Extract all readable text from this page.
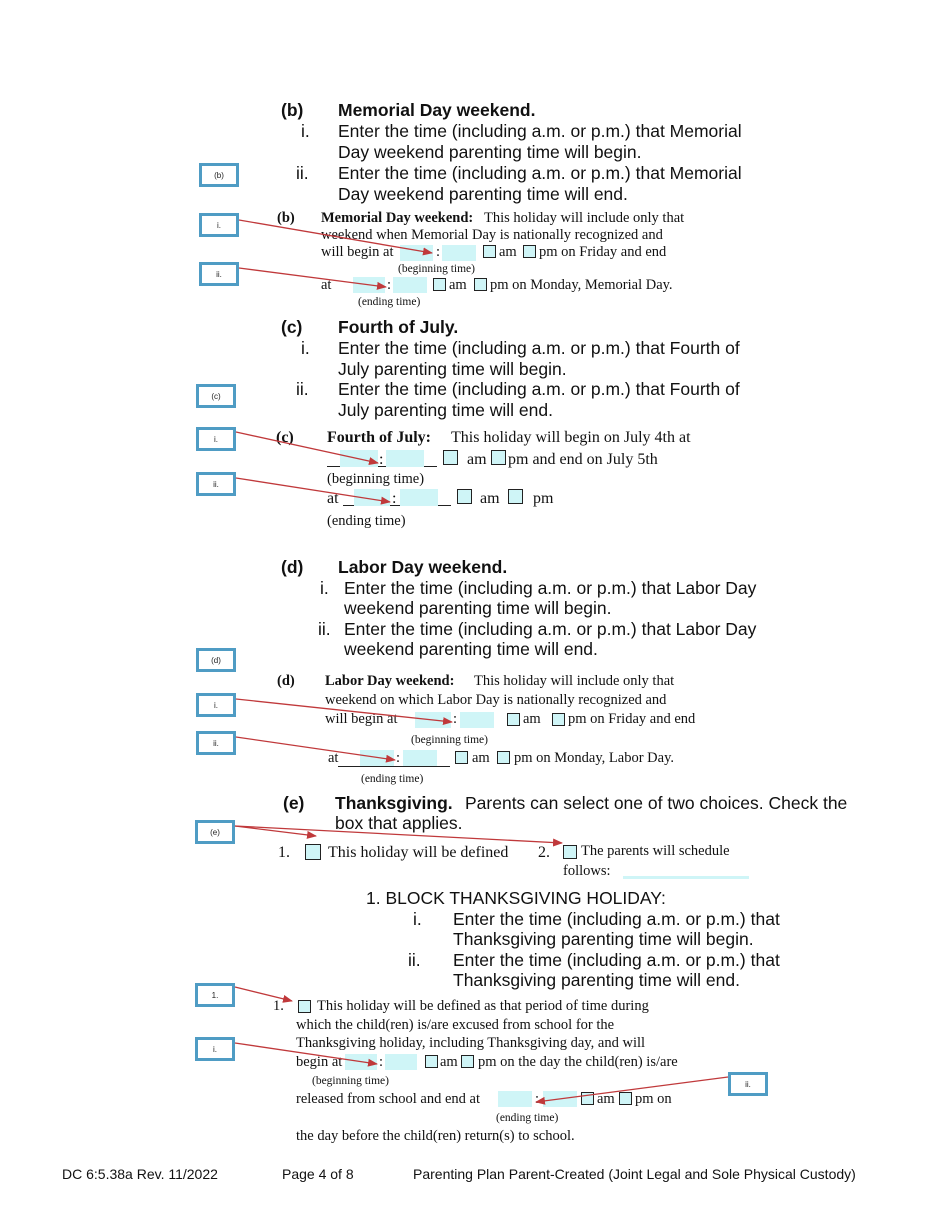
(b) Memorial Day weekend.
i. Enter the time (including a.m. or p.m.) that Memorial
Day weekend parenting time will begin.
ii. Enter the time (including a.m. or p.m.) that Memorial
Day weekend parenting time will end.
(b) Memorial Day weekend: This holiday will include only that
weekend when Memorial Day is nationally recognized and
will begin at	:	am pm on Friday and end
(beginning time)
at	:	am pm on Monday, Memorial Day.
(ending time)
(c) Fourth of July.
i. Enter the time (including a.m. or p.m.) that Fourth of
July parenting time will begin.
ii. Enter the time (including a.m. or p.m.) that Fourth of
July parenting time will end.
(c) Fourth of July: This holiday will begin on July 4th at
:	am pm and end on July 5th
(beginning time)
at	:	am pm
(ending time)
(d) Labor Day weekend.
i. Enter the time (including a.m. or p.m.) that Labor Day
weekend parenting time will begin.
ii. Enter the time (including a.m. or p.m.) that Labor Day
weekend parenting time will end.
(d) Labor Day weekend: This holiday will include only that
weekend on which Labor Day is nationally recognized and
will begin at	:	am pm on Friday and end
(beginning time)
at	:	am pm on Monday, Labor Day.
(ending time)
(e) Thanksgiving. Parents can select one of two choices. Check the
box that applies.
1. This holiday will be defined 2. The parents will schedule
follows:
1. BLOCK THANKSGIVING HOLIDAY:
i. Enter the time (including a.m. or p.m.) that
Thanksgiving parenting time will begin.
ii. Enter the time (including a.m. or p.m.) that
Thanksgiving parenting time will end.
1. This holiday will be defined as that period of time during
which the child(ren) is/are excused from school for the
Thanksgiving holiday, including Thanksgiving day, and will
begin at	:	am pm on the day the child(ren) is/are
(beginning time)
released from school and end at	:	am pm on
(ending time)
the day before the child(ren) return(s) to school.
(b)
i.
ii.
(c)
i.
ii.
(d)
i.
ii.
(e)
1.
i.
ii.
DC 6:5.38a Rev. 11/2022	Page 4 of 8	Parenting Plan Parent-Created (Joint Legal and Sole Physical Custody)
